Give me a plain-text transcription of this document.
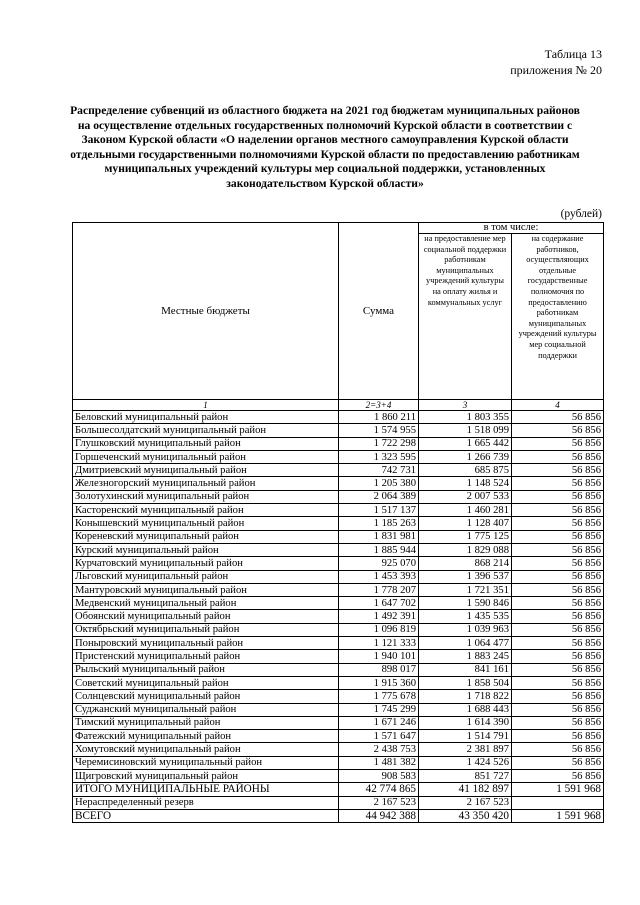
Таблица 13
приложения № 20
Распределение субвенций из областного бюджета на 2021 год бюджетам муниципальных районов на осуществление отдельных государственных полномочий Курской области в соответствии с Законом Курской области «О наделении органов местного самоуправления Курской области отдельными государственными полномочиями Курской области по предоставлению работникам муниципальных учреждений культуры мер социальной поддержки, установленных законодательством Курской области»
(рублей)
Местные бюджеты	Сумма	в том числе:	
		на предоставление мер социальной поддержки работникам муниципальных учреждений культуры на оплату жилья и коммунальных услуг	на содержание работников, осуществляющих отдельные государственные полномочия по предоставлению работникам муниципальных учреждений культуры мер социальной поддержки
1	2=3+4	3	4
Беловский муниципальный район	1 860 211	1 803 355	56 856
Большесолдатский муниципальный район	1 574 955	1 518 099	56 856
Глушковский муниципальный район	1 722 298	1 665 442	56 856
Горшеченский муниципальный район	1 323 595	1 266 739	56 856
Дмитриевский муниципальный район	742 731	685 875	56 856
Железногорский муниципальный район	1 205 380	1 148 524	56 856
Золотухинский муниципальный район	2 064 389	2 007 533	56 856
Касторенский муниципальный район	1 517 137	1 460 281	56 856
Конышевский муниципальный район	1 185 263	1 128 407	56 856
Кореневский муниципальный район	1 831 981	1 775 125	56 856
Курский муниципальный район	1 885 944	1 829 088	56 856
Курчатовский муниципальный район	925 070	868 214	56 856
Льговский муниципальный район	1 453 393	1 396 537	56 856
Мантуровский муниципальный район	1 778 207	1 721 351	56 856
Медвенский муниципальный район	1 647 702	1 590 846	56 856
Обоянский муниципальный район	1 492 391	1 435 535	56 856
Октябрьский муниципальный район	1 096 819	1 039 963	56 856
Поныровский муниципальный район	1 121 333	1 064 477	56 856
Пристенский муниципальный район	1 940 101	1 883 245	56 856
Рыльский муниципальный район	898 017	841 161	56 856
Советский муниципальный район	1 915 360	1 858 504	56 856
Солнцевский муниципальный район	1 775 678	1 718 822	56 856
Суджанский муниципальный район	1 745 299	1 688 443	56 856
Тимский муниципальный район	1 671 246	1 614 390	56 856
Фатежский муниципальный район	1 571 647	1 514 791	56 856
Хомутовский муниципальный район	2 438 753	2 381 897	56 856
Черемисиновский муниципальный район	1 481 382	1 424 526	56 856
Щигровский муниципальный район	908 583	851 727	56 856
ИТОГО МУНИЦИПАЛЬНЫЕ РАЙОНЫ	42 774 865	41 182 897	1 591 968
Нераспределенный резерв	2 167 523	2 167 523	
ВСЕГО	44 942 388	43 350 420	1 591 968
